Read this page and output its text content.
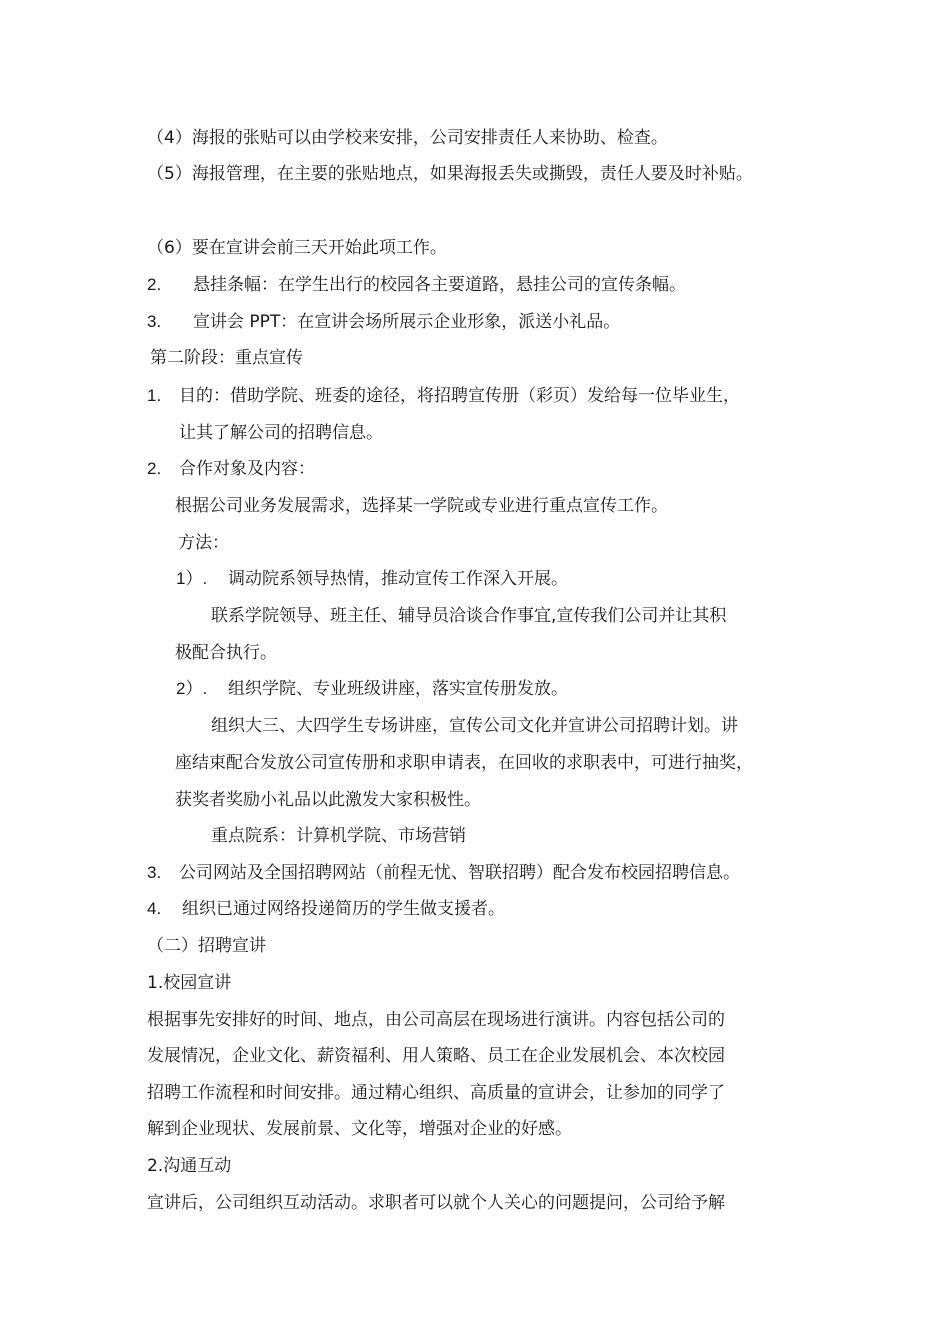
（4）海报的张贴可以由学校来安排，公司安排责任人来协助、检查。
（5）海报管理，在主要的张贴地点，如果海报丢失或撕毁，责任人要及时补贴。
（6）要在宣讲会前三天开始此项工作。
2. 悬挂条幅：在学生出行的校园各主要道路，悬挂公司的宣传条幅。
3. 宣讲会 PPT：在宣讲会场所展示企业形象，派送小礼品。
第二阶段：重点宣传
1. 目的：借助学院、班委的途径，将招聘宣传册（彩页）发给每一位毕业生，
让其了解公司的招聘信息。
2. 合作对象及内容：
根据公司业务发展需求，选择某一学院或专业进行重点宣传工作。
方法：
1）. 调动院系领导热情，推动宣传工作深入开展。
联系学院领导、班主任、辅导员洽谈合作事宜,宣传我们公司并让其积
极配合执行。
2）. 组织学院、专业班级讲座，落实宣传册发放。
组织大三、大四学生专场讲座，宣传公司文化并宣讲公司招聘计划。讲
座结束配合发放公司宣传册和求职申请表，在回收的求职表中，可进行抽奖，
获奖者奖励小礼品以此激发大家积极性。
重点院系：计算机学院、市场营销
3. 公司网站及全国招聘网站（前程无忧、智联招聘）配合发布校园招聘信息。
4. 组织已通过网络投递简历的学生做支援者。
（二）招聘宣讲
1.校园宣讲
根据事先安排好的时间、地点，由公司高层在现场进行演讲。内容包括公司的
发展情况，企业文化、薪资福利、用人策略、员工在企业发展机会、本次校园
招聘工作流程和时间安排。通过精心组织、高质量的宣讲会，让参加的同学了
解到企业现状、发展前景、文化等，增强对企业的好感。
2.沟通互动
宣讲后，公司组织互动活动。求职者可以就个人关心的问题提问，公司给予解
